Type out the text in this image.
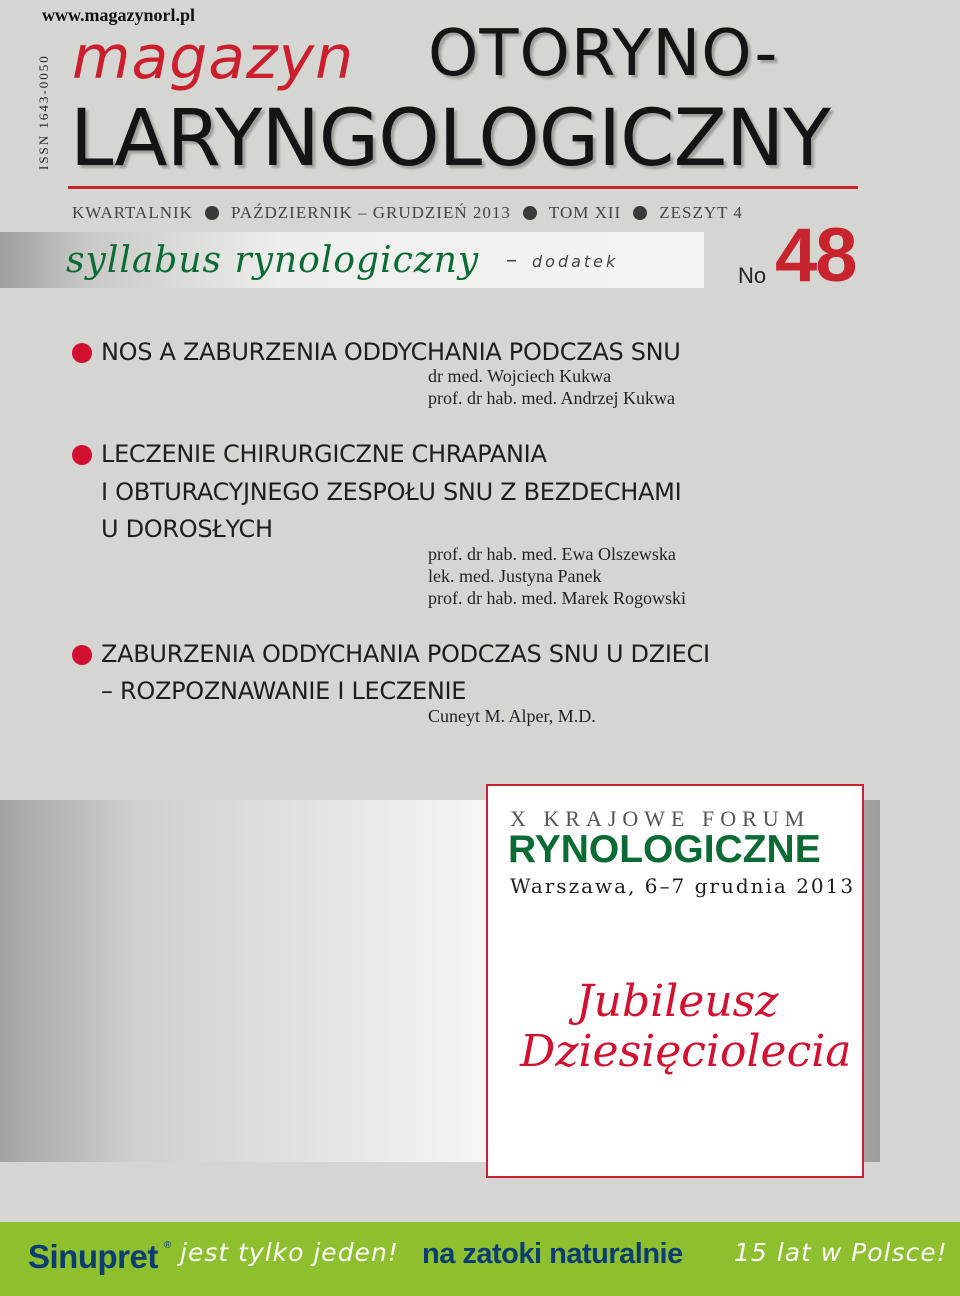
www.magazynorl.pl
ISSN 1643-0050 magazyn OTORYNO-
LARYNGOLOGICZNY
KWARTALNIK PAŹDZIERNIK – GRUDZIEŃ 2013 TOM XII ZESZYT 4
syllabus rynologiczny – dodatek
No 48
NOS A ZABURZENIA ODDYCHANIA PODCZAS SNU
dr med. Wojciech Kukwa
prof. dr hab. med. Andrzej Kukwa
LECZENIE CHIRURGICZNE CHRAPANIA
I OBTURACYJNEGO ZESPOŁU SNU Z BEZDECHAMI
U DOROSŁYCH
prof. dr hab. med. Ewa Olszewska
lek. med. Justyna Panek
prof. dr hab. med. Marek Rogowski
ZABURZENIA ODDYCHANIA PODCZAS SNU U DZIECI
– ROZPOZNAWANIE I LECZENIE
Cuneyt M. Alper, M.D.
X KRAJOWE FORUM
RYNOLOGICZNE
Warszawa, 6–7 grudnia 2013
Jubileusz
Dziesięciolecia
Sinupret ® jest tylko jeden! na zatoki naturalnie 15 lat w Polsce!
